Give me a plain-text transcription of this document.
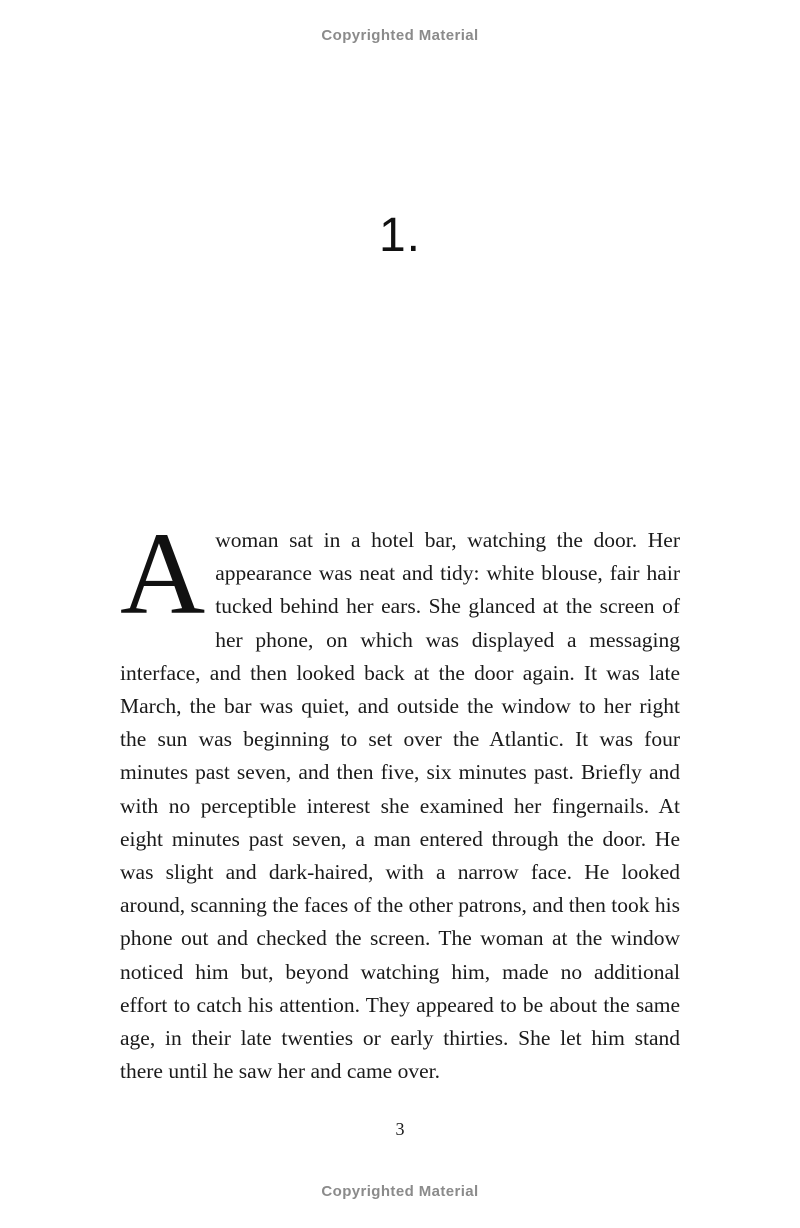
Copyrighted Material
1.

Awoman sat in a hotel bar, watching the door. Her appearance was neat and tidy: white blouse, fair hair tucked behind her ears. She glanced at the screen of her phone, on which was displayed a messaging interface, and then looked back at the door again. It was late March, the bar was quiet, and outside the window to her right the sun was beginning to set over the Atlantic. It was four minutes past seven, and then five, six minutes past. Briefly and with no perceptible interest she examined her fingernails. At eight minutes past seven, a man entered through the door. He was slight and dark-haired, with a narrow face. He looked around, scanning the faces of the other patrons, and then took his phone out and checked the screen. The woman at the window noticed him but, beyond watching him, made no additional effort to catch his attention. They appeared to be about the same age, in their late twenties or early thirties. She let him stand there until he saw her and came over.

3
Copyrighted Material
